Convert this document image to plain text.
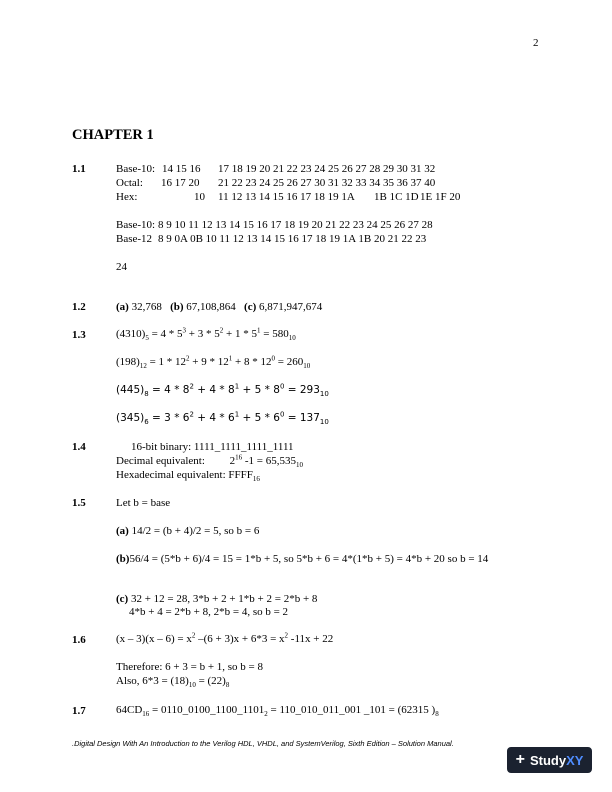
2
CHAPTER 1
1.1	Base-10: 14 15 16 17 18 19 20 21 22 23 24 25 26 27 28 29 30 31 32
Octal: 16 17 20 21 22 23 24 25 26 27 30 31 32 33 34 35 36 37 40
Hex:	10 11 12 13 14 15 16 17 18 19 1A 1B 1C 1D 1E 1F 20
Base-10: 8 9 10 11 12 13 14 15 16 17 18 19 20 21 22 23 24 25 26 27 28
Base-12 8 9 0A 0B 10 11 12 13 14 15 16 17 18 19 1A 1B 20 21 22 23
24
1.2	(a) 32,768 (b) 67,108,864 (c) 6,871,947,674
1.3	$(4310)_5 = 4 * 5^3 + 3 * 5^2 + 1 * 5^1 = 580_{10}$
$(198)_{12} = 1 * 12^2 + 9 * 12^1 + 8 * 12^0 = 260_{10}$
$(445)_8 = 4 * 8^2 + 4 * 8^1 + 5 * 8^0 = 293_{10}$
$(345)_6 = 3 * 6^2 + 4 * 6^1 + 5 * 6^0 = 137_{10}$
1.4	16-bit binary: 1111_1111_1111_1111
Decimal equivalent: $2^{16}$ $-1 = 65,535_{10}$
Hexadecimal equivalent: $FFFF_{16}$
1.5	Let b = base
(a) 14/2 = (b + 4)/2 = 5, so b = 6
(b)56/4 = (5*b + 6)/4 = 15 = 1*b + 5, so 5*b + 6 = 4*(1*b + 5) = 4*b + 20 so b = 14
(c) 32 + 12 = 28, 3*b + 2 + 1*b + 2 = 2*b + 8
4*b + 4 = 2*b + 8, 2*b = 4, so b = 2
1.6	$(x - 3)(x - 6) = x^2$ $-(6 + 3)x + 6*3 = x^2$ -11x + 22
Therefore: 6 + 3 = b + 1, so b = 8
Also, $6*3 = (18)_{10} = (22)_8$
1.7	$64CD_{16}$ = $0110\_0100\_1100\_1101_2$ = 110_010_011_001 _101 = (62315 )$_8$
.Digital Design With An Introduction to the Verilog HDL, VHDL, and SystemVerilog, Sixth Edition – Solution Manual.
+ Study XY
